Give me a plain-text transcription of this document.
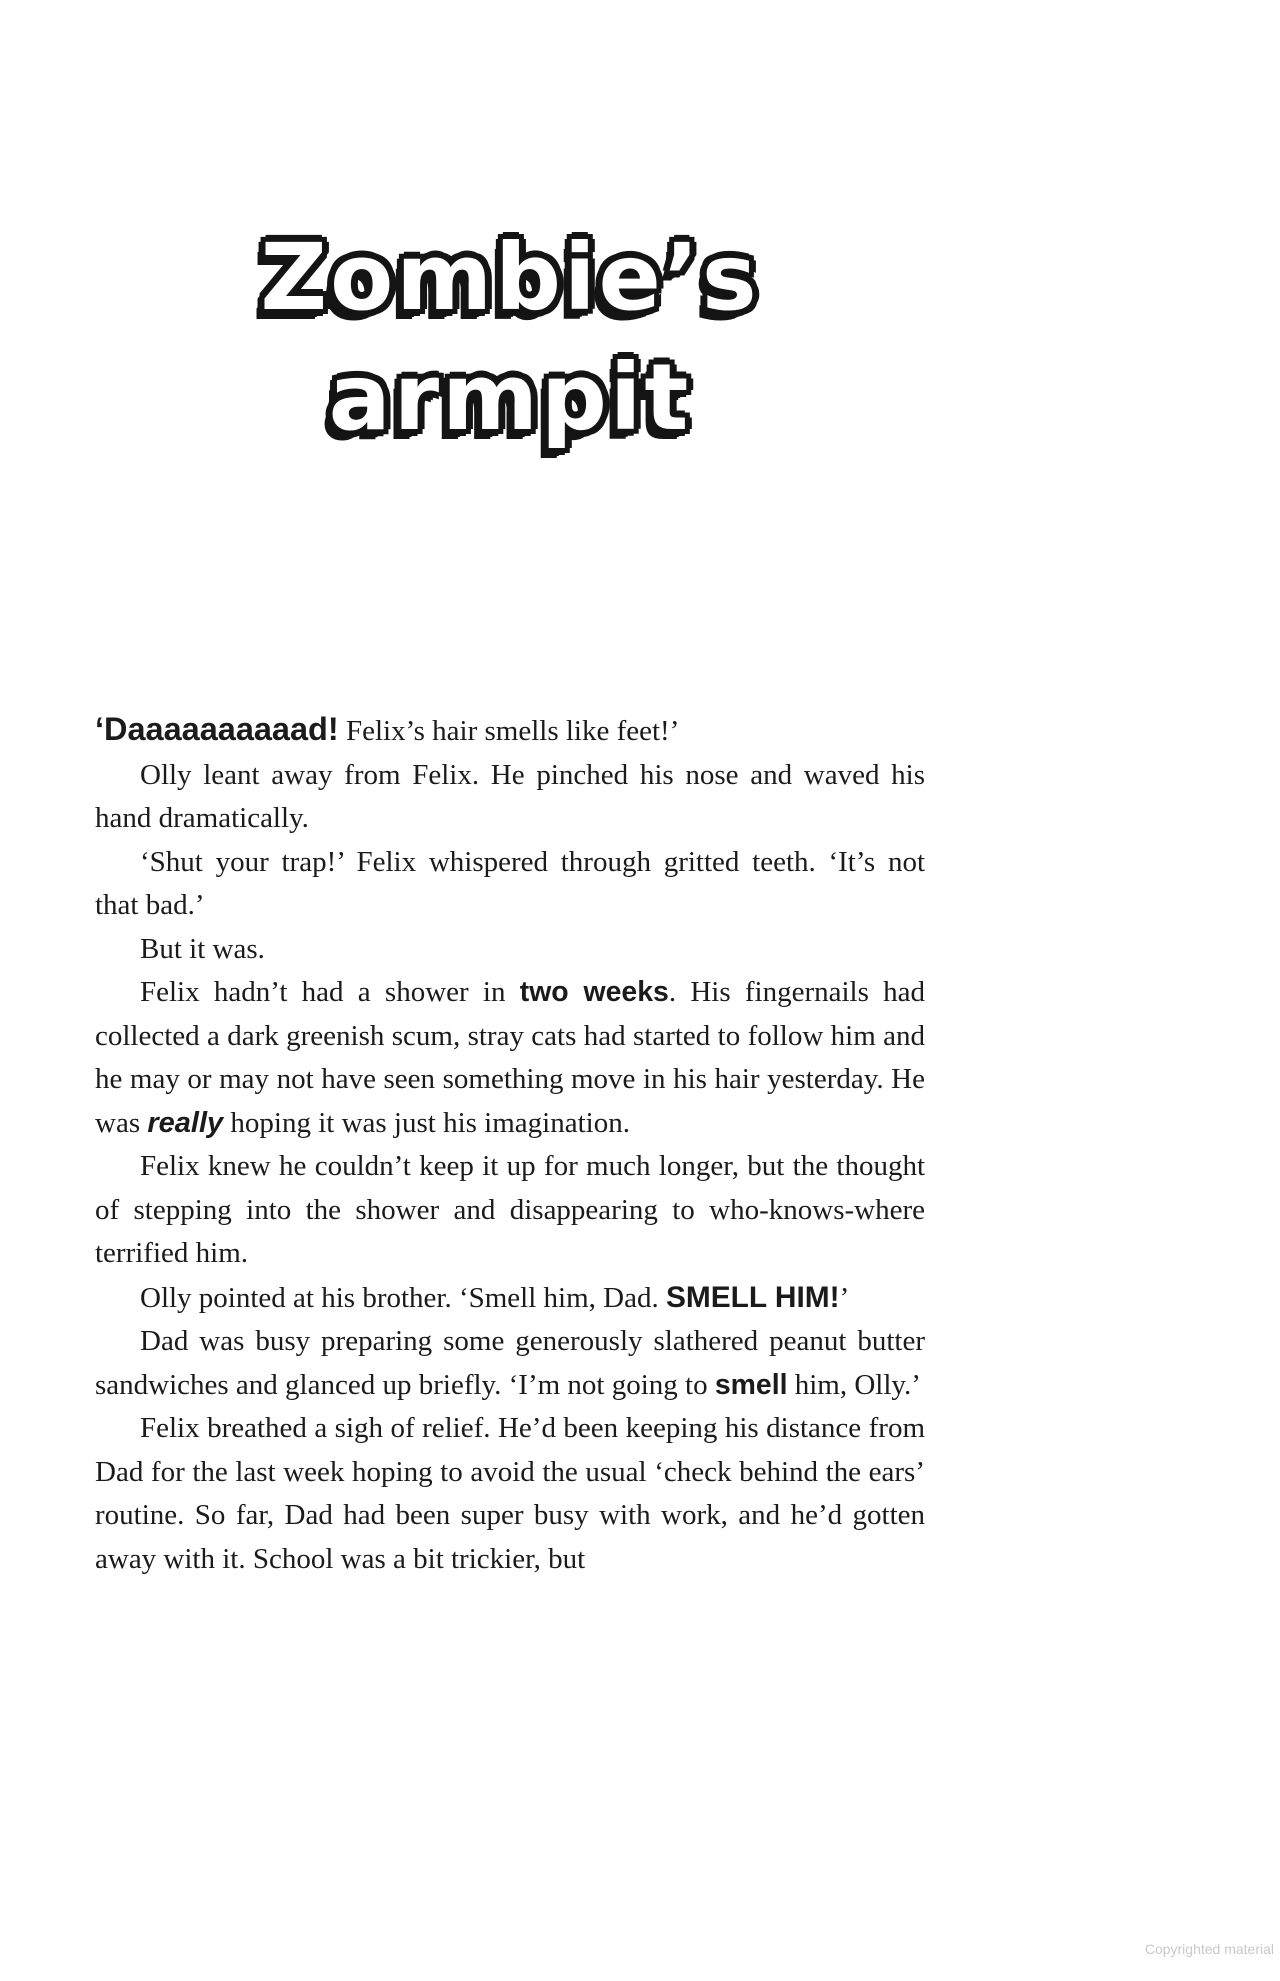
Zombie’s
armpit

‘Daaaaaaaaaad! Felix’s hair smells like feet!’

Olly leant away from Felix. He pinched his nose and waved his hand dramatically.

‘Shut your trap!’ Felix whispered through gritted teeth. ‘It’s not that bad.’

But it was.

Felix hadn’t had a shower in two weeks. His fingernails had collected a dark greenish scum, stray cats had started to follow him and he may or may not have seen something move in his hair yesterday. He was really hoping it was just his imagination.

Felix knew he couldn’t keep it up for much longer, but the thought of stepping into the shower and disappearing to who-knows-where terrified him.

Olly pointed at his brother. ‘Smell him, Dad. SMELL HIM!’

Dad was busy preparing some generously slathered peanut butter sandwiches and glanced up briefly. ‘I’m not going to smell him, Olly.’

Felix breathed a sigh of relief. He’d been keeping his distance from Dad for the last week hoping to avoid the usual ‘check behind the ears’ routine. So far, Dad had been super busy with work, and he’d gotten away with it. School was a bit trickier, but

Copyrighted material
